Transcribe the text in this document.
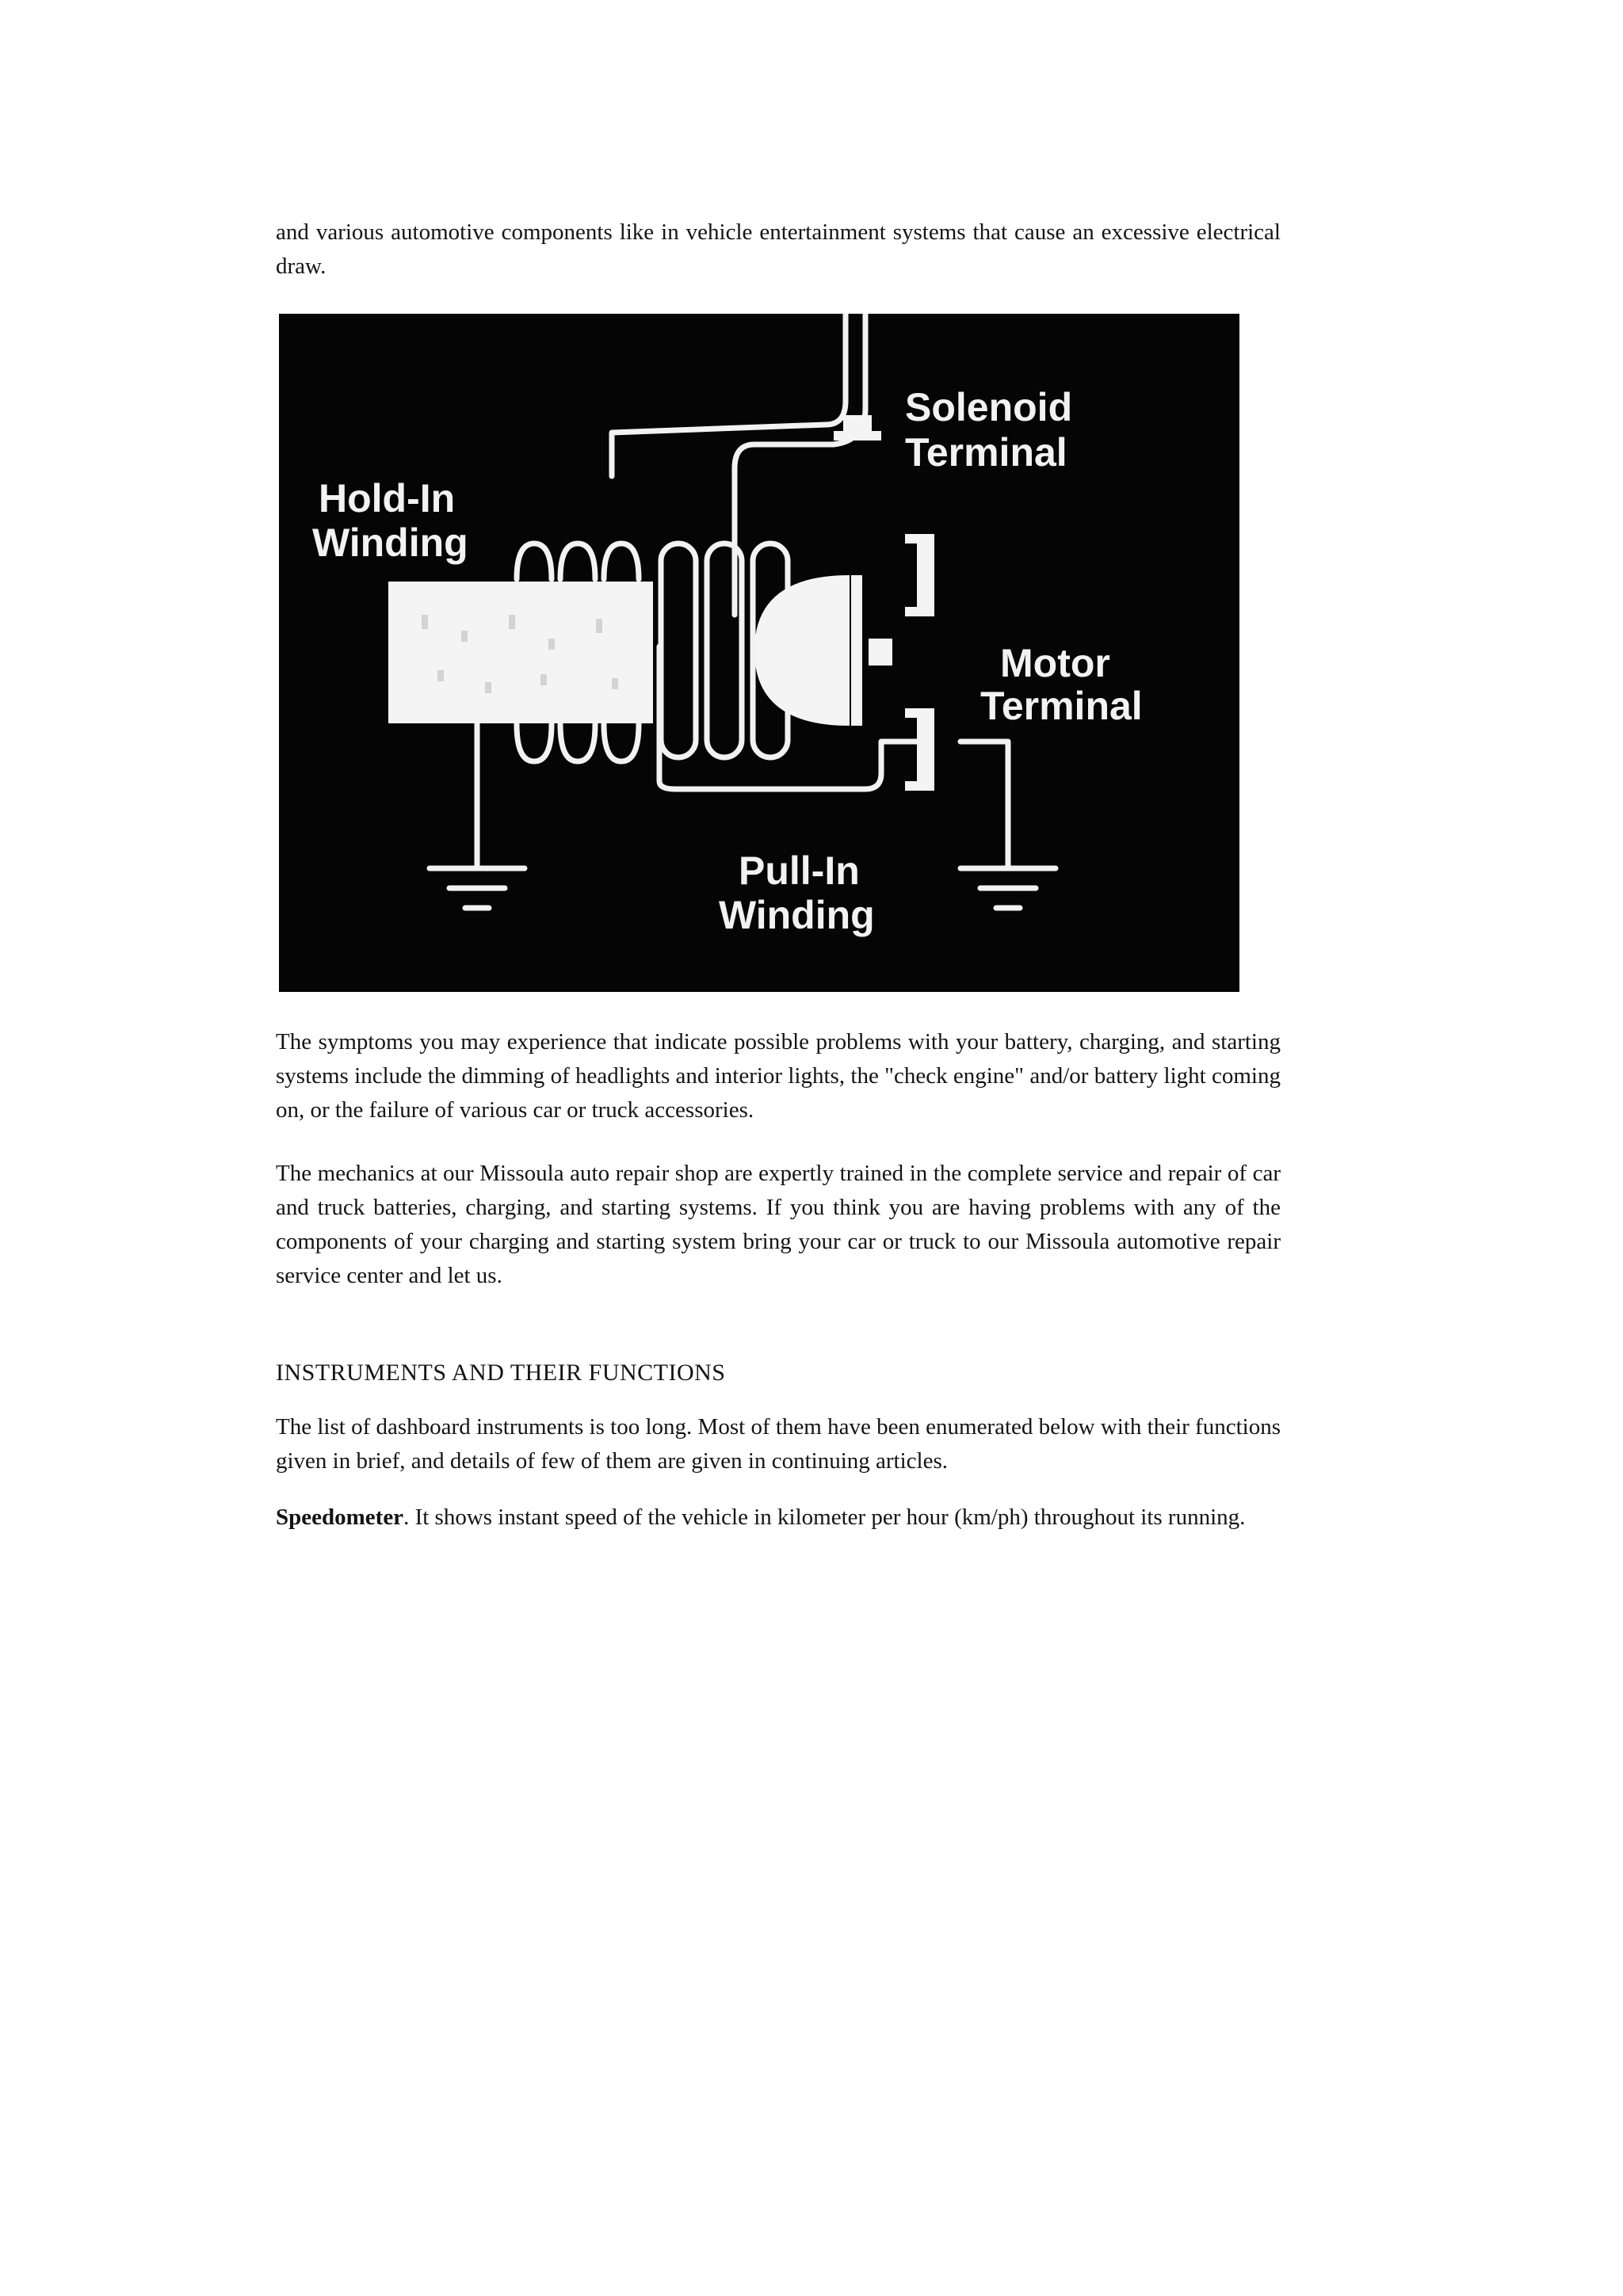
and various automotive components like in vehicle entertainment systems that cause an excessive electrical draw.

Solenoid
Terminal
Hold-In
Winding
Motor
Terminal
Pull-In
Winding

The symptoms you may experience that indicate possible problems with your battery, charging, and starting systems include the dimming of headlights and interior lights, the "check engine" and/or battery light coming on, or the failure of various car or truck accessories.

The mechanics at our Missoula auto repair shop are expertly trained in the complete service and repair of car and truck batteries, charging, and starting systems. If you think you are having problems with any of the components of your charging and starting system bring your car or truck to our Missoula automotive repair service center and let us.

INSTRUMENTS AND THEIR FUNCTIONS

The list of dashboard instruments is too long. Most of them have been enumerated below with their functions given in brief, and details of few of them are given in continuing articles.

Speedometer. It shows instant speed of the vehicle in kilometer per hour (km/ph) throughout its running.
